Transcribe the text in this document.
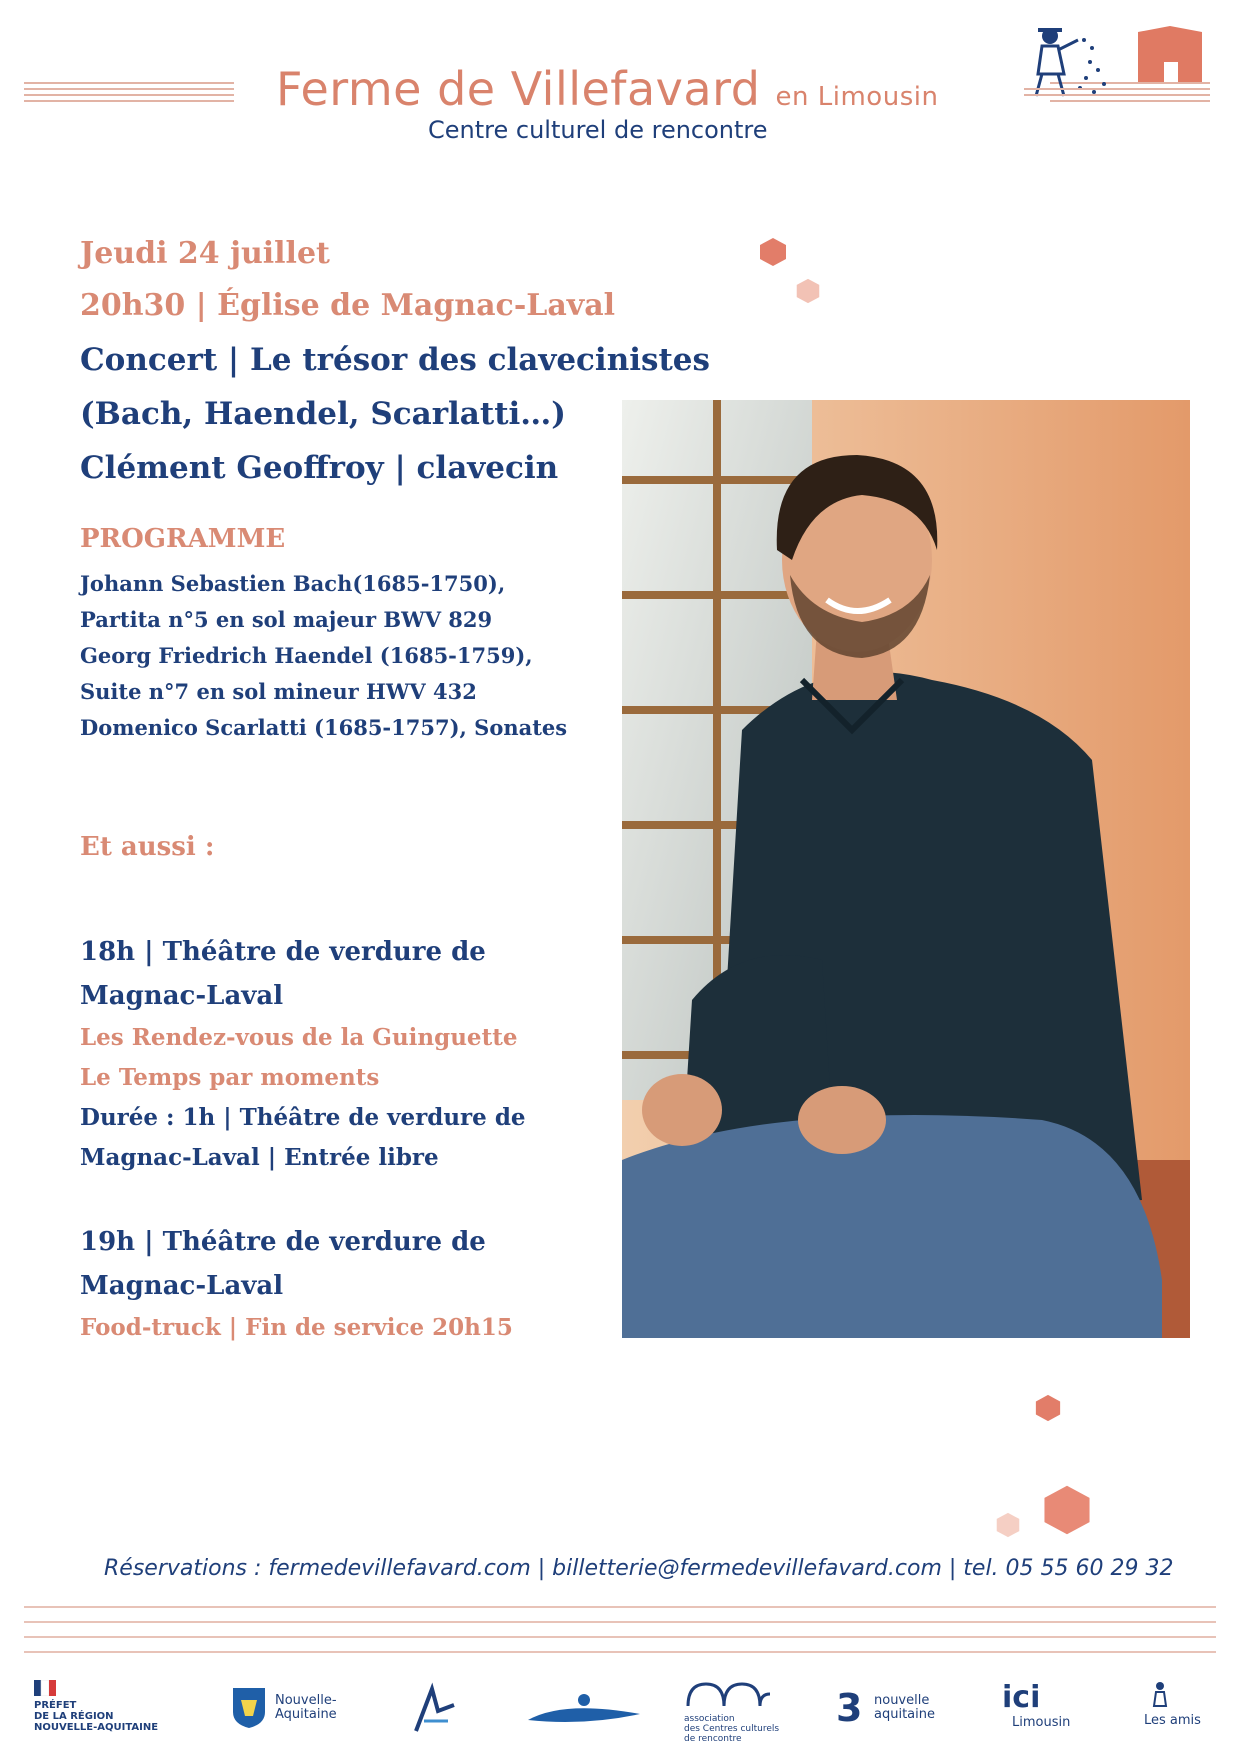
Ferme de Villefavard en Limousin
Centre culturel de rencontre
Jeudi 24 juillet
20h30 | Église de Magnac-Laval
Concert | Le trésor des clavecinistes
(Bach, Haendel, Scarlatti…)
Clément Geoffroy | clavecin
PROGRAMME
Johann Sebastien Bach(1685-1750),
Partita n°5 en sol majeur BWV 829
Georg Friedrich Haendel (1685-1759),
Suite n°7 en sol mineur HWV 432
Domenico Scarlatti (1685-1757), Sonates
Et aussi :
18h | Théâtre de verdure de
Magnac-Laval
Les Rendez-vous de la Guinguette
Le Temps par moments
Durée : 1h | Théâtre de verdure de
Magnac-Laval | Entrée libre
19h | Théâtre de verdure de
Magnac-Laval
Food-truck | Fin de service 20h15
Réservations : fermedevillefavard.com | billetterie@fermedevillefavard.com | tel. 05 55 60 29 32
PRÉFET
DE LA RÉGION
NOUVELLE-AQUITAINE
Nouvelle-
Aquitaine	association
des Centres culturels
de rencontre
3 nouvelle
aquitaine ici
Limousin	Les amis
